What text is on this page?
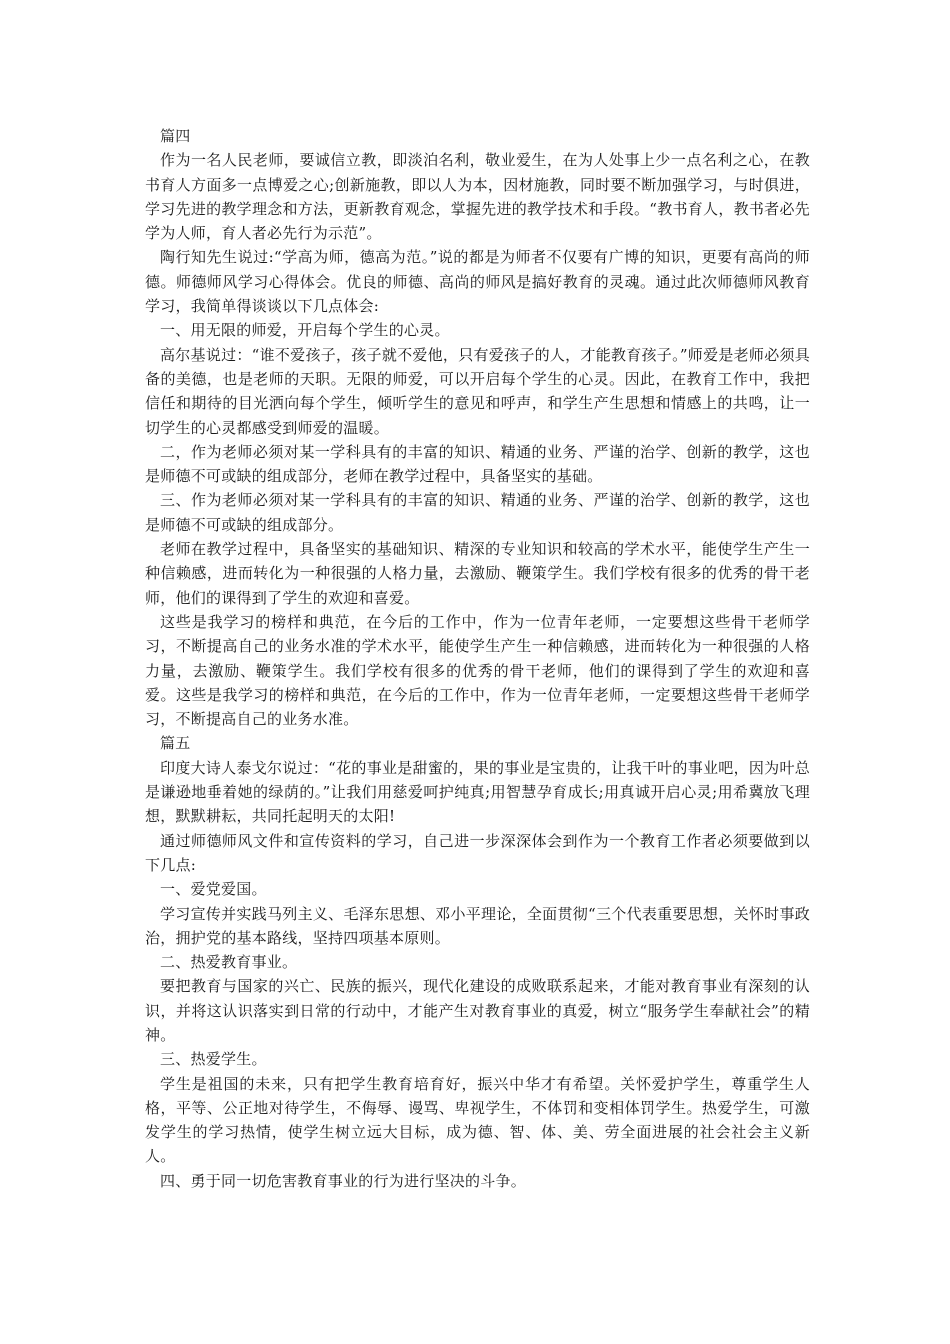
篇四

作为一名人民老师，要诚信立教，即淡泊名利，敬业爱生，在为人处事上少一点名利之心，在教书育人方面多一点博爱之心;创新施教，即以人为本，因材施教，同时要不断加强学习，与时俱进，学习先进的教学理念和方法，更新教育观念，掌握先进的教学技术和手段。“教书育人，教书者必先学为人师，育人者必先行为示范”。

陶行知先生说过:“学高为师，德高为范。”说的都是为师者不仅要有广博的知识，更要有高尚的师德。师德师风学习心得体会。优良的师德、高尚的师风是搞好教育的灵魂。通过此次师德师风教育学习，我简单得谈谈以下几点体会:

一、用无限的师爱，开启每个学生的心灵。

高尔基说过：“谁不爱孩子，孩子就不爱他，只有爱孩子的人，才能教育孩子。”师爱是老师必须具备的美德，也是老师的天职。无限的师爱，可以开启每个学生的心灵。因此，在教育工作中，我把信任和期待的目光洒向每个学生，倾听学生的意见和呼声，和学生产生思想和情感上的共鸣，让一切学生的心灵都感受到师爱的温暖。

二，作为老师必须对某一学科具有的丰富的知识、精通的业务、严谨的治学、创新的教学，这也是师德不可或缺的组成部分，老师在教学过程中，具备坚实的基础。

三、作为老师必须对某一学科具有的丰富的知识、精通的业务、严谨的治学、创新的教学，这也是师德不可或缺的组成部分。

老师在教学过程中，具备坚实的基础知识、精深的专业知识和较高的学术水平，能使学生产生一种信赖感，进而转化为一种很强的人格力量，去激励、鞭策学生。我们学校有很多的优秀的骨干老师，他们的课得到了学生的欢迎和喜爱。

这些是我学习的榜样和典范，在今后的工作中，作为一位青年老师，一定要想这些骨干老师学习，不断提高自己的业务水准的学术水平，能使学生产生一种信赖感，进而转化为一种很强的人格力量，去激励、鞭策学生。我们学校有很多的优秀的骨干老师，他们的课得到了学生的欢迎和喜爱。这些是我学习的榜样和典范，在今后的工作中，作为一位青年老师，一定要想这些骨干老师学习，不断提高自己的业务水准。

篇五

印度大诗人泰戈尔说过：“花的事业是甜蜜的，果的事业是宝贵的，让我干叶的事业吧，因为叶总是谦逊地垂着她的绿荫的。”让我们用慈爱呵护纯真;用智慧孕育成长;用真诚开启心灵;用希冀放飞理想，默默耕耘，共同托起明天的太阳!

通过师德师风文件和宣传资料的学习，自己进一步深深体会到作为一个教育工作者必须要做到以下几点:

一、爱党爱国。

学习宣传并实践马列主义、毛泽东思想、邓小平理论，全面贯彻“三个代表重要思想，关怀时事政治，拥护党的基本路线，坚持四项基本原则。

二、热爱教育事业。

要把教育与国家的兴亡、民族的振兴，现代化建设的成败联系起来，才能对教育事业有深刻的认识，并将这认识落实到日常的行动中，才能产生对教育事业的真爱，树立“服务学生奉献社会”的精神。

三、热爱学生。

学生是祖国的未来，只有把学生教育培育好，振兴中华才有希望。关怀爱护学生，尊重学生人格，平等、公正地对待学生，不侮辱、谩骂、卑视学生，不体罚和变相体罚学生。热爱学生，可激发学生的学习热情，使学生树立远大目标，成为德、智、体、美、劳全面进展的社会社会主义新人。

四、勇于同一切危害教育事业的行为进行坚决的斗争。
